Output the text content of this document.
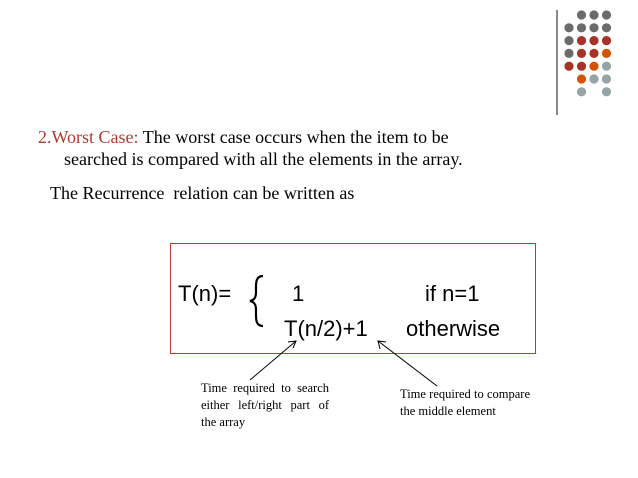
2.Worst Case: The worst case occurs when the item to be
searched is compared with all the elements in the array.
The Recurrence  relation can be written as
T(n)=	1	if n=1
T(n/2)+1 otherwise
Time required to search either left/right part of the array
Time required to compare the middle element
